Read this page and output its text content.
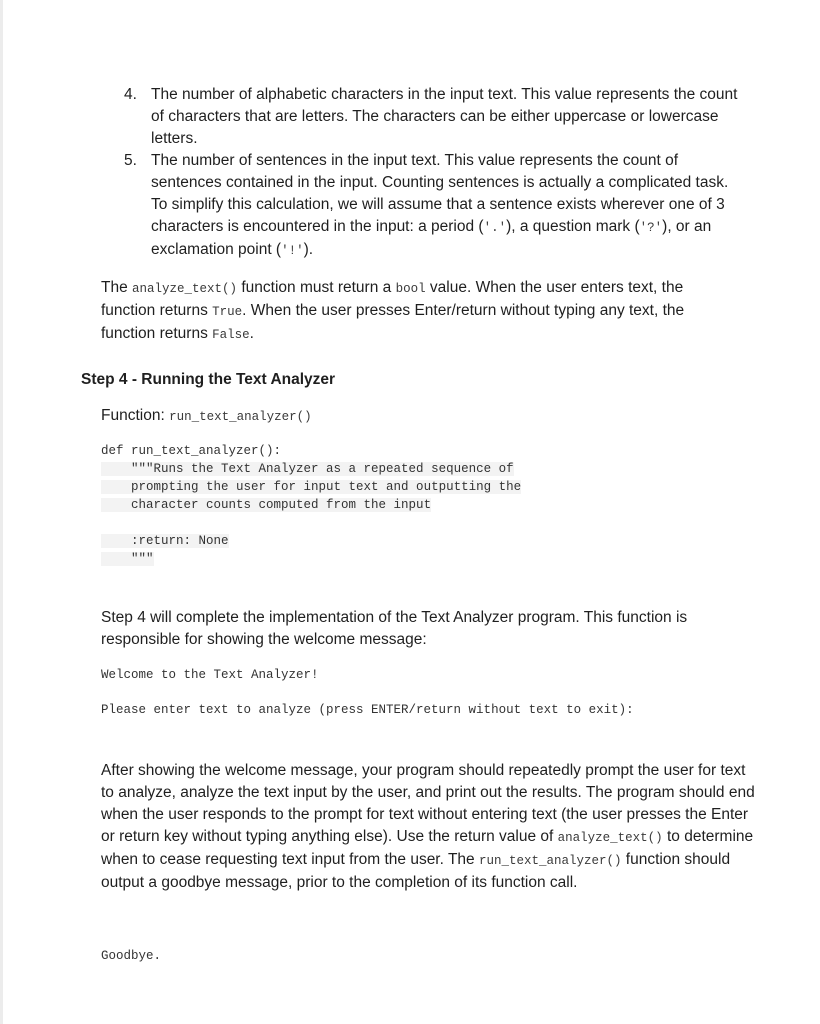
4. The number of alphabetic characters in the input text. This value represents the count of characters that are letters. The characters can be either uppercase or lowercase letters.
5. The number of sentences in the input text. This value represents the count of sentences contained in the input. Counting sentences is actually a complicated task. To simplify this calculation, we will assume that a sentence exists wherever one of 3 characters is encountered in the input: a period ('.'), a question mark ('?'), or an exclamation point ('!').

The analyze_text() function must return a bool value. When the user enters text, the function returns True. When the user presses Enter/return without typing any text, the function returns False.

Step 4 - Running the Text Analyzer
Function: run_text_analyzer()
def run_text_analyzer():
"""Runs the Text Analyzer as a repeated sequence of
prompting the user for input text and outputting the
character counts computed from the input
:return: None
"""

Step 4 will complete the implementation of the Text Analyzer program. This function is responsible for showing the welcome message:

Welcome to the Text Analyzer!
Please enter text to analyze (press ENTER/return without text to exit):

After showing the welcome message, your program should repeatedly prompt the user for text to analyze, analyze the text input by the user, and print out the results. The program should end when the user responds to the prompt for text without entering text (the user presses the Enter or return key without typing anything else). Use the return value of analyze_text() to determine when to cease requesting text input from the user. The run_text_analyzer() function should output a goodbye message, prior to the completion of its function call.

Goodbye.
